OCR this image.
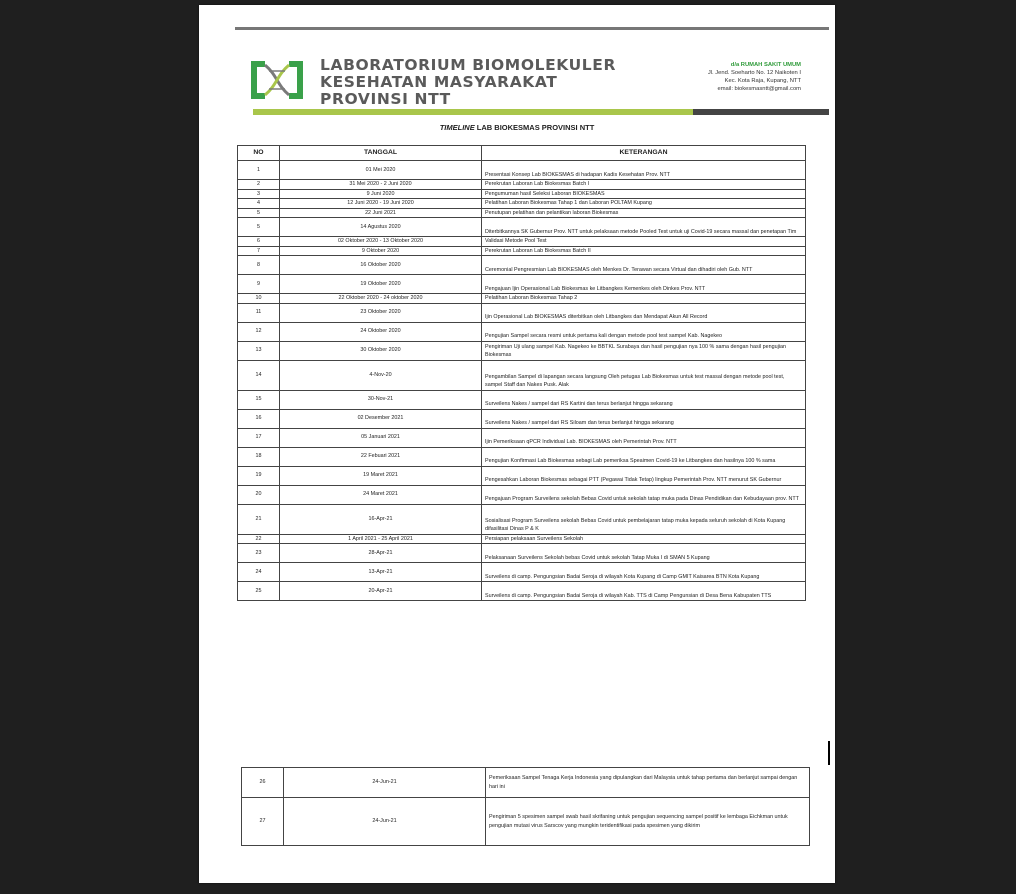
LABORATORIUM BIOMOLEKULER
KESEHATAN MASYARAKAT
PROVINSI NTT
d/a RUMAH SAKIT UMUM
Jl. Jend. Soeharto No. 12 Naikoten I
Kec. Kota Raja, Kupang, NTT
email: biokesmasntt@gmail.com
TIMELINE LAB BIOKESMAS PROVINSI NTT
NO	TANGGAL	KETERANGAN
1	01 Mei 2020	Presentasi Konsep Lab BIOKESMAS di hadapan Kadis Kesehatan Prov. NTT
2	31 Mei 2020 - 2 Juni 2020	Perekrutan Laboran Lab Biokesmas Batch I
3	9 Juni 2020	Pengumuman hasil Seleksi Laboran BIOKESMAS
4	12 Juni 2020 - 19 Juni 2020	Pelatihan Laboran Biokesmas Tahap 1 dan Laboran POLTAM Kupang
5	22 Juni 2021	Penutupan pelatihan dan pelantikan laboran Biokesmas
5	14 Agustus 2020	Diterbitkannya SK Gubernur Prov. NTT untuk pelaksaan metode Pooled Test untuk uji Covid-19 secara massal dan penetapan Tim
6	02 Oktober 2020 - 13 Oktober 2020	Validasi Metode Pool Test
7	9 Oktober 2020	Perekrutan Laboran Lab Biokesmas Batch II
8	16 Oktober 2020	Ceremonial Pengresmian Lab BIOKESMAS oleh Menkes Dr. Terawan secara Virtual dan dihadiri oleh Gub. NTT
9	19 Oktober 2020	Pengajuan Ijin Operasional Lab Biokesmas ke Litbangkes Kemenkes oleh Dinkes Prov. NTT
10	22 Oktober 2020 - 24 oktober 2020	Pelatihan Laboran Biokesmas Tahap 2
11	23 Oktober 2020	Ijin Operasional Lab BIOKESMAS diterbitkan oleh Litbangkes dan Mendapat Akun All Record
12	24 Oktober 2020	Pengujian Sampel secara resmi untuk pertama kali dengan metode pool test sampel Kab. Nagekeo
13	30 Oktober 2020	Pengiriman Uji ulang sampel Kab. Nagekeo ke BBTKL Surabaya dan hasil pengujian nya 100 % sama dengan hasil pengujian Biokesmas
14	4-Nov-20	Pengambilan Sampel di lapangan secara langsung Oleh petugas Lab Biokesmas untuk test massal dengan metode pool test, sampel Staff dan Nakes Pusk. Alak
15	30-Nov-21	Surveilens Nakes / sampel dari RS Kartini dan terus berlanjut hingga sekarang
16	02 Desember 2021	Surveilens Nakes / sampel dari RS Siloam dan terus berlanjut hingga sekarang
17	05 Januari 2021	Ijin Pemeriksaan qPCR Individual Lab. BIOKESMAS oleh Pemerintah Prov. NTT
18	22 Febuari 2021	Pengujian Konfirmasi Lab Biokesmas sebagi Lab pemeriksa Speaimen Covid-19 ke Litbangkes dan hasilnya 100 % sama
19	19 Maret 2021	Pengesahkan Laboran Biokesmas sebagai PTT (Pegawai Tidak Tetap) lingkup Pemerintah Prov. NTT menurut SK Gubernur
20	24 Maret 2021	Pengajuan Program Surveilens sekolah Bebas Covid untuk sekolah tatap muka pada Dinas Pendidikan dan Kebudayaan prov. NTT
21	16-Apr-21	Sosialisasi Program Surveilens sekolah Bebas Covid untuk pembelajaran tatap muka kepada seluruh sekolah di Kota Kupang difasilitasi Dinas P & K
22	1 April 2021 - 25 April 2021	Persiapan pelaksaan Surveilens Sekolah
23	28-Apr-21	Pelaksanaan Surveilens Sekolah bebas Covid untuk sekolah Tatap Muka I di SMAN 5 Kupang
24	13-Apr-21	Surveilens di camp. Pengungsian Badai Seroja di wilayah Kota Kupang di Camp GMIT Kaisarea BTN Kota Kupang
25	20-Apr-21	Surveilens di camp. Pengungsian Badai Seroja di wilayah Kab. TTS di Camp Pengunsian di Desa Bena Kabupaten TTS
26	24-Jun-21	Pemeriksaan Sampel Tenaga Kerja Indonesia yang dipulangkan dari Malaysia untuk tahap pertama dan berlanjut sampai dengan hari ini
27	24-Jun-21	Pengiriman 5 spesimen sampel swab hasil skrifaning untuk pengujian sequencing sampel positif ke lembaga Eichkman untuk pengujian mutasi virus Sarscov yang mungkin teridentifikasi pada spesimen yang dikirim
